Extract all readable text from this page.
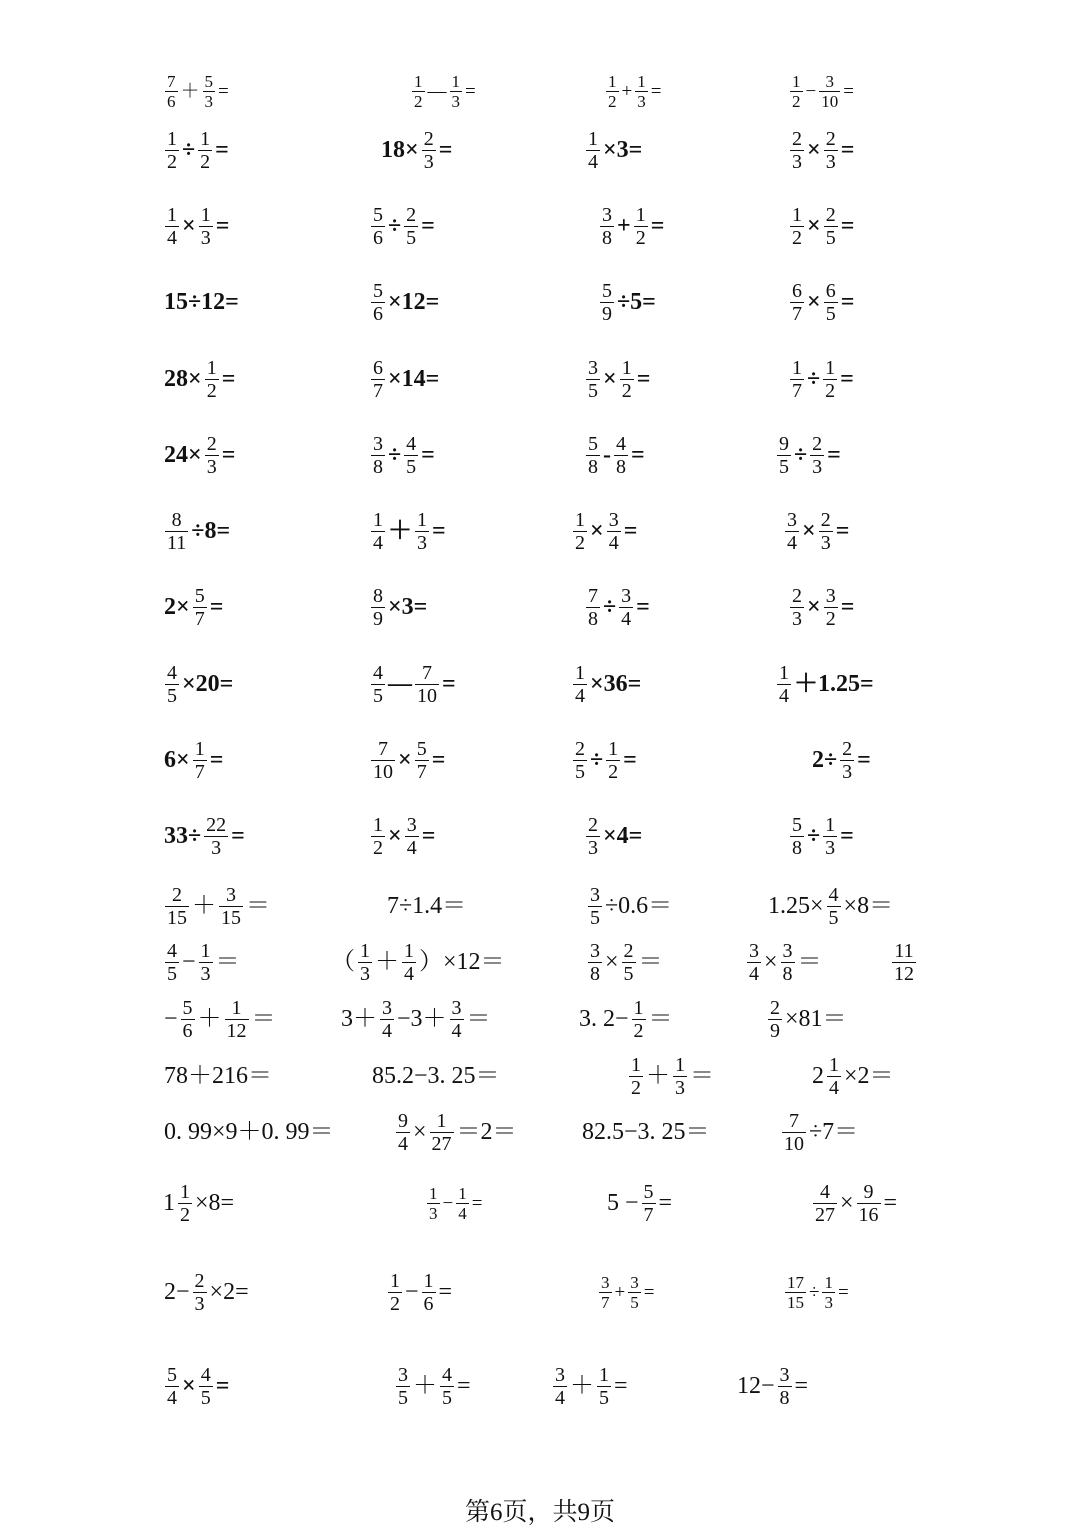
$\frac{7}{6} + \frac{5}{3}$ =	$\frac{1}{2}$ — $\frac{1}{3}$ =	$\frac{1}{2} + \frac{1}{3}$ =	$\frac{1}{2} - \frac{3}{10}$ =
$\frac{1}{2} \div \frac{1}{2}$ =	$18\times \frac{2}{3}$ =	$\frac{1}{4} \times 3=$	$\frac{2}{3} \times \frac{2}{3}$ =
$\frac{1}{4} \times \frac{1}{3}$ =	$\frac{5}{6} \div \frac{2}{5}$ =	$\frac{3}{8} + \frac{1}{2}$ =	$\frac{1}{2} \times \frac{2}{5}$ =
15÷12=	$\frac{5}{6} \times 12=$	$\frac{5}{9} \div 5=$	$\frac{6}{7} \times \frac{6}{5}$ =
$28\times \frac{1}{2}$ =	$\frac{6}{7} \times 14=$	$\frac{3}{5} \times \frac{1}{2}$ =	$\frac{1}{7} \div \frac{1}{2}$ =
$24\times \frac{2}{3}$ =	$\frac{3}{8} \div \frac{4}{5}$ =	$\frac{5}{8} - \frac{4}{8}$ =	$\frac{9}{5} \div \frac{2}{3}$ =
$\frac{8}{11} \div 8=$	$\frac{1}{4} + \frac{1}{3}$ =	$\frac{1}{2} \times \frac{3}{4}$ =	$\frac{3}{4} \times \frac{2}{3}$ =
$2\times \frac{5}{7}$ =	$\frac{8}{9} \times 3=$	$\frac{7}{8} \div \frac{3}{4}$ =	$\frac{2}{3} \times \frac{3}{2}$ =
$\frac{4}{5} \times 20=$	$\frac{4}{5}$ — $\frac{7}{10}$ =	$\frac{1}{4} \times 36=$	$\frac{1}{4} +1.25=$
$6\times \frac{1}{7}$ =	$\frac{7}{10} \times \frac{5}{7}$ =	$\frac{2}{5} \div \frac{1}{2}$ =	$2\div \frac{2}{3}$ =
$33\div \frac{22}{3}$ =	$\frac{1}{2} \times \frac{3}{4}$ =	$\frac{2}{3} \times 4=$	$\frac{5}{8} \div \frac{1}{3}$ =
$\frac{2}{15} + \frac{3}{15}$ ＝	7÷1.4＝	$\frac{3}{5} \div 0.6=$	$1.25\times \frac{4}{5} \times 8=$
$\frac{4}{5} - \frac{1}{3}$ ＝	（ $\frac{1}{3} + \frac{1}{4} )\times 12=$	$\frac{3}{8} \times \frac{2}{5}$ ＝	$\frac{3}{4} \times \frac{3}{8}$ ＝	$\frac{11}{12}$
− $\frac{5}{6} + \frac{1}{12}$ ＝	$3+ \frac{3}{4} -3+ \frac{3}{4}$ ＝	3. $2- \frac{1}{2}$ ＝	$\frac{2}{9} \times 81=$
78＋216＝	85.2−3. 25＝	$\frac{1}{2} + \frac{1}{3}$ ＝	$2 \frac{1}{4} \times 2=$
0. 99×9＋0. 99＝	$\frac{9}{4} \times \frac{1}{27} =2=$	82.5−3. 25＝	$\frac{7}{10} \div 7=$
$1 \frac{1}{2} \times 8=$	$\frac{1}{3} - \frac{1}{4}$ =	$5 - \frac{5}{7}$ =	$\frac{4}{27} \times \frac{9}{16}$ =
$2- \frac{2}{3} \times 2=$	$\frac{1}{2} - \frac{1}{6}$ =	$\frac{3}{7} + \frac{3}{5}$ =	$\frac{17}{15} \div \frac{1}{3}$ =
$\frac{5}{4} \times \frac{4}{5}$ =	$\frac{3}{5} + \frac{4}{5}$ =	$\frac{3}{4} + \frac{1}{5}$ =	$12- \frac{3}{8}$ =
第6页，共9页
